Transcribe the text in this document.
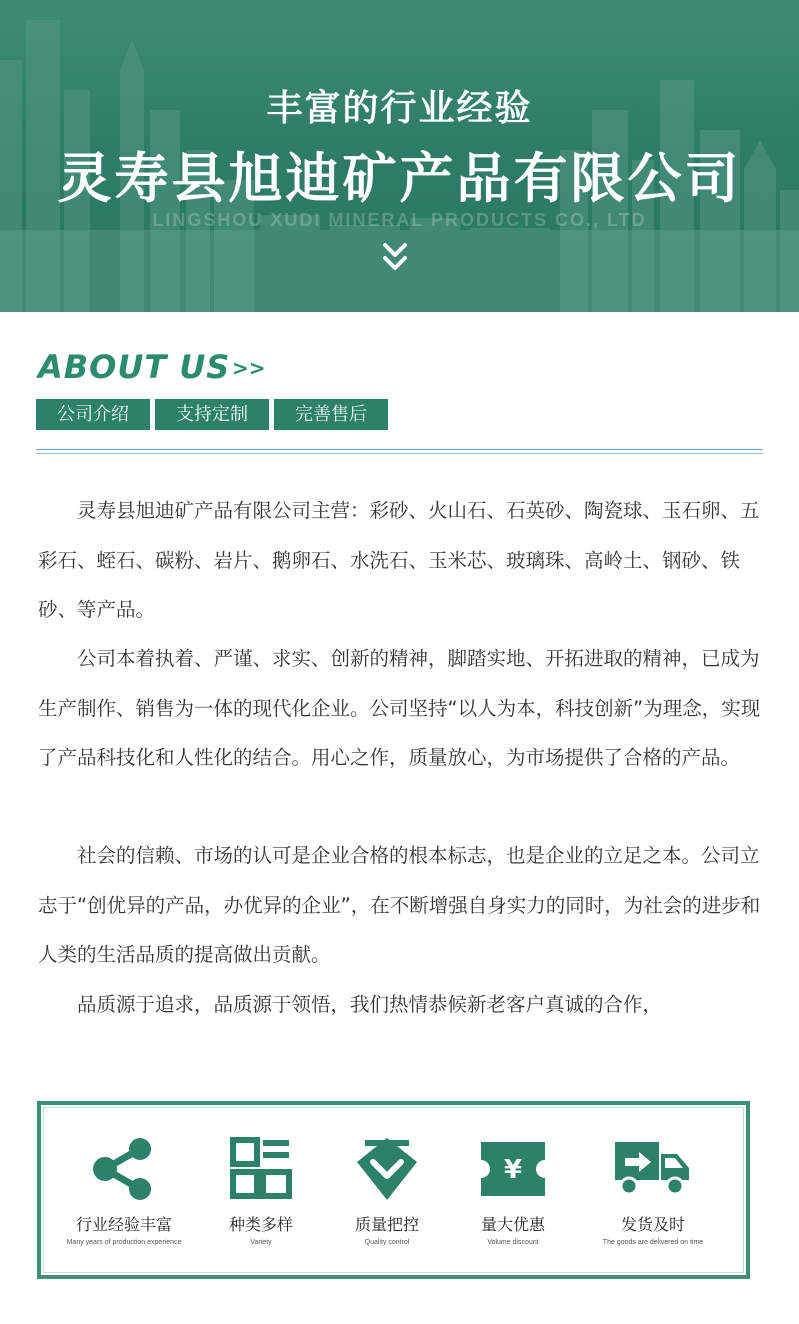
丰富的行业经验
灵寿县旭迪矿产品有限公司
LINGSHOU XUDI MINERAL PRODUCTS CO., LTD
ABOUT US >>
公司介绍	支持定制	完善售后

灵寿县旭迪矿产品有限公司主营：彩砂、火山石、石英砂、陶瓷球、玉石卵、五彩石、蛭石、碳粉、岩片、鹅卵石、水洗石、玉米芯、玻璃珠、高岭土、钢砂、铁砂、等产品。

公司本着执着、严谨、求实、创新的精神，脚踏实地、开拓进取的精神，已成为生产制作、销售为一体的现代化企业。公司坚持“以人为本，科技创新”为理念，实现了产品科技化和人性化的结合。用心之作，质量放心，为市场提供了合格的产品。

社会的信赖、市场的认可是企业合格的根本标志，也是企业的立足之本。公司立志于“创优异的产品，办优异的企业”，在不断增强自身实力的同时，为社会的进步和人类的生活品质的提高做出贡献。

品质源于追求，品质源于领悟，我们热情恭候新老客户真诚的合作，

行业经验丰富
Many years of production experience
种类多样
Variety
质量把控
Quality control
¥
量大优惠
Volume discount
发货及时
The goods are delivered on time
